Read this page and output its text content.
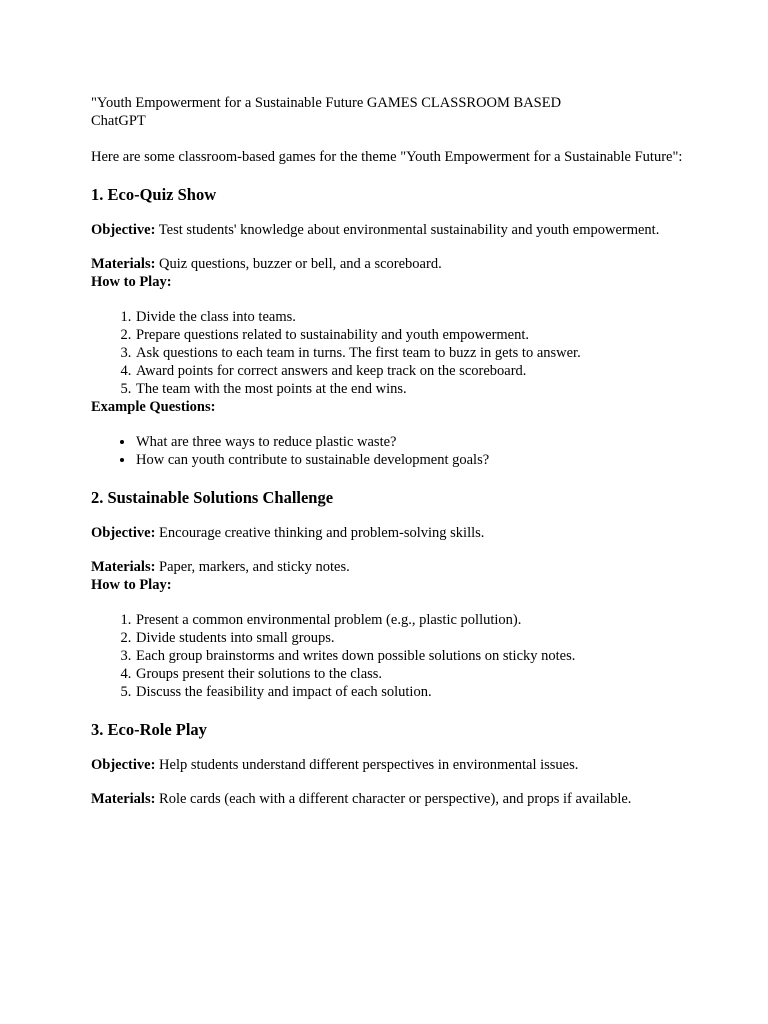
"Youth Empowerment for a Sustainable Future GAMES CLASSROOM BASED
ChatGPT

Here are some classroom-based games for the theme "Youth Empowerment for a Sustainable Future":

1. Eco-Quiz Show

Objective: Test students' knowledge about environmental sustainability and youth empowerment.

Materials: Quiz questions, buzzer or bell, and a scoreboard.

How to Play:

1. Divide the class into teams.
2. Prepare questions related to sustainability and youth empowerment.
3. Ask questions to each team in turns. The first team to buzz in gets to answer.
4. Award points for correct answers and keep track on the scoreboard.
5. The team with the most points at the end wins.

Example Questions:

• What are three ways to reduce plastic waste?
• How can youth contribute to sustainable development goals?
2. Sustainable Solutions Challenge

Objective: Encourage creative thinking and problem-solving skills.

Materials: Paper, markers, and sticky notes.

How to Play:

1. Present a common environmental problem (e.g., plastic pollution).
2. Divide students into small groups.
3. Each group brainstorms and writes down possible solutions on sticky notes.
4. Groups present their solutions to the class.
5. Discuss the feasibility and impact of each solution.
3. Eco-Role Play

Objective: Help students understand different perspectives in environmental issues.

Materials: Role cards (each with a different character or perspective), and props if available.
